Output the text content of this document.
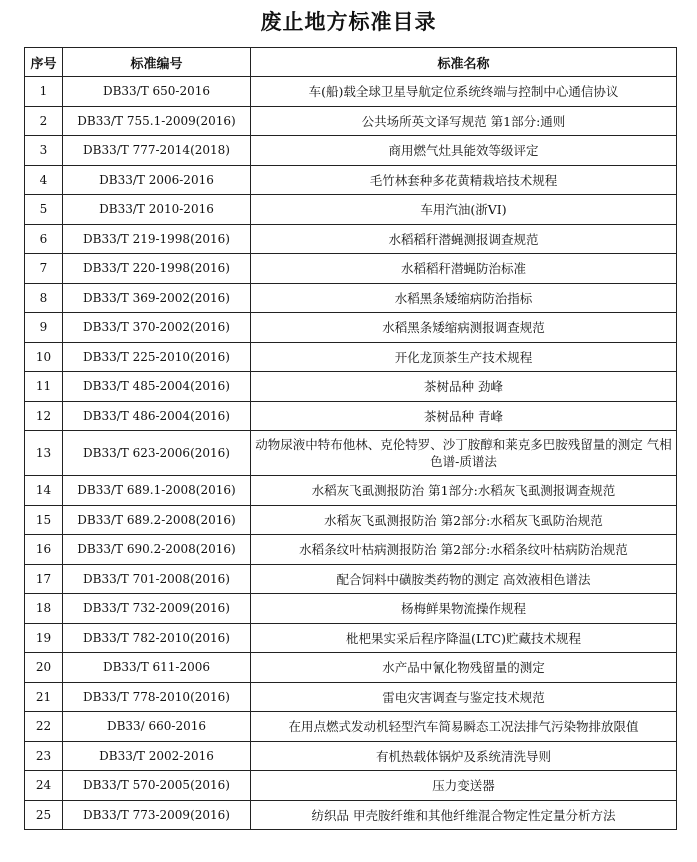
废止地方标准目录
序号	标准编号	标准名称
1	DB33/T 650-2016	车(船)载全球卫星导航定位系统终端与控制中心通信协议
2	DB33/T 755.1-2009(2016)	公共场所英文译写规范 第1部分:通则
3	DB33/T 777-2014(2018)	商用燃气灶具能效等级评定
4	DB33/T 2006-2016	毛竹林套种多花黄精栽培技术规程
5	DB33/T 2010-2016	车用汽油(浙VI)
6	DB33/T 219-1998(2016)	水稻稻秆潜蝇测报调查规范
7	DB33/T 220-1998(2016)	水稻稻秆潜蝇防治标准
8	DB33/T 369-2002(2016)	水稻黑条矮缩病防治指标
9	DB33/T 370-2002(2016)	水稻黑条矮缩病测报调查规范
10	DB33/T 225-2010(2016)	开化龙顶茶生产技术规程
11	DB33/T 485-2004(2016)	茶树品种 劲峰
12	DB33/T 486-2004(2016)	茶树品种 青峰
13	DB33/T 623-2006(2016)	动物尿液中特布他林、克伦特罗、沙丁胺醇和莱克多巴胺残留量的测定 气相色谱-质谱法
14	DB33/T 689.1-2008(2016)	水稻灰飞虱测报防治 第1部分:水稻灰飞虱测报调查规范
15	DB33/T 689.2-2008(2016)	水稻灰飞虱测报防治 第2部分:水稻灰飞虱防治规范
16	DB33/T 690.2-2008(2016)	水稻条纹叶枯病测报防治 第2部分:水稻条纹叶枯病防治规范
17	DB33/T 701-2008(2016)	配合饲料中磺胺类药物的测定 高效液相色谱法
18	DB33/T 732-2009(2016)	杨梅鲜果物流操作规程
19	DB33/T 782-2010(2016)	枇杷果实采后程序降温(LTC)贮藏技术规程
20	DB33/T 611-2006	水产品中氰化物残留量的测定
21	DB33/T 778-2010(2016)	雷电灾害调查与鉴定技术规范
22	DB33/ 660-2016	在用点燃式发动机轻型汽车简易瞬态工况法排气污染物排放限值
23	DB33/T 2002-2016	有机热载体锅炉及系统清洗导则
24	DB33/T 570-2005(2016)	压力变送器
25	DB33/T 773-2009(2016)	纺织品 甲壳胺纤维和其他纤维混合物定性定量分析方法
